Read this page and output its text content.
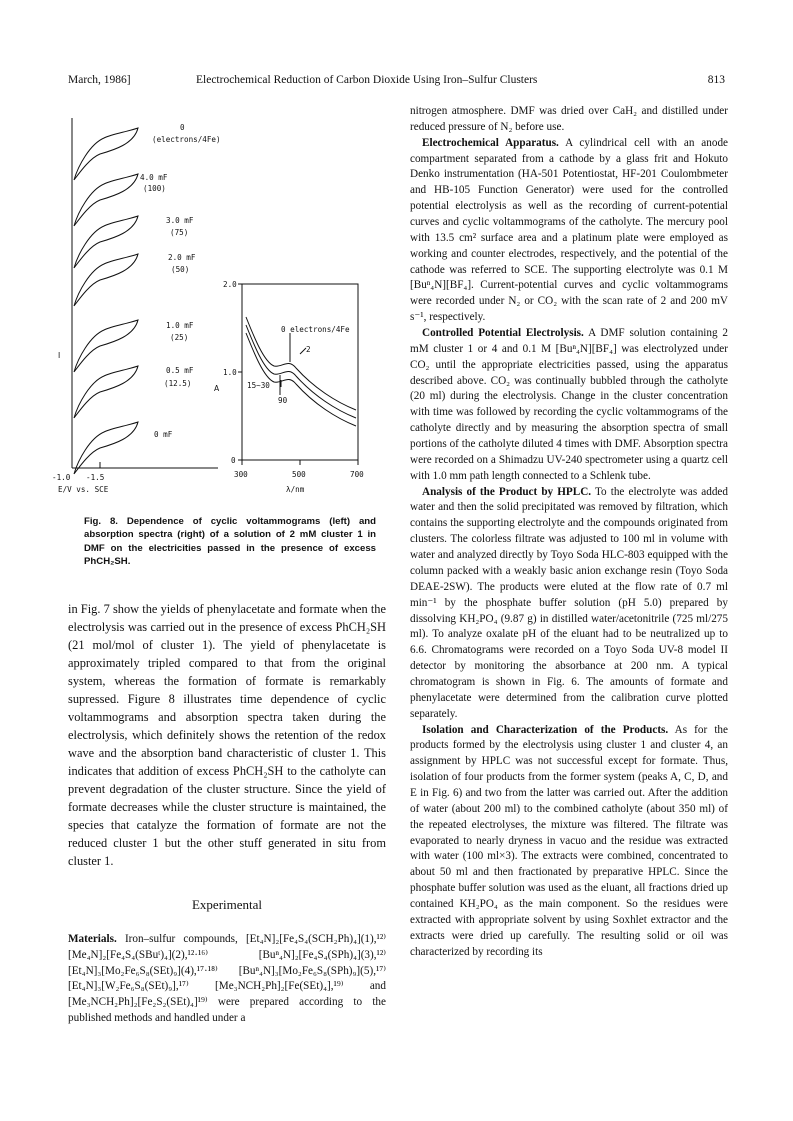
March, 1986]	Electrochemical Reduction of Carbon Dioxide Using Iron–Sulfur Clusters	813
I
-1.0 -1.5
E/V vs. SCE
0
(electrons/4Fe)
4.0 mF
(100)
3.0 mF
(75)
2.0 mF
(50)
1.0 mF
(25)
0.5 mF
(12.5)
0 mF
2.0
1.0
0
A
300	500	700
λ/nm
0 electrons/4Fe
2
15~30
90
Fig. 8. Dependence of cyclic voltammograms (left) and absorption spectra (right) of a solution of 2 mM cluster 1 in DMF on the electricities passed in the presence of excess PhCH₂SH.

in Fig. 7 show the yields of phenylacetate and formate when the electrolysis was carried out in the presence of excess PhCH₂SH (21 mol/mol of cluster 1). The yield of phenylacetate is approximately tripled compared to that from the original system, whereas the formation of formate is remarkably supressed. Figure 8 illustrates time dependence of cyclic voltammograms and absorption spectra taken during the electrolysis, which definitely shows the retention of the redox wave and the absorption band characteristic of cluster 1. This indicates that addition of excess PhCH₂SH to the catholyte can prevent degradation of the cluster structure. Since the yield of formate decreases while the cluster structure is maintained, the species that catalyze the formation of formate are not the reduced cluster 1 but the other stuff generated in situ from cluster 1.

Experimental

Materials. Iron–sulfur compounds, [Et₄N]₂[Fe₄S₄(SCH₂Ph)₄](1),¹²⁾ [Me₄N]₂[Fe₄S₄(SBuᵗ)₄](2),¹²·¹⁶⁾ [Buⁿ₄N]₂[Fe₄S₄(SPh)₄](3),¹²⁾ [Et₄N]₃[Mo₂Fe₆S₈(SEt)₉](4),¹⁷·¹⁸⁾ [Buⁿ₄N]₃[Mo₂Fe₆S₈(SPh)₉](5),¹⁷⁾ [Et₄N]₃[W₂Fe₆S₈(SEt)₉],¹⁷⁾ [Me₃NCH₂Ph]₂[Fe(SEt)₄],¹⁹⁾ and [Me₃NCH₂Ph]₂[Fe₂S₂(SEt)₄]¹⁹⁾ were prepared according to the published methods and handled under a

nitrogen atmosphere. DMF was dried over CaH₂ and distilled under reduced pressure of N₂ before use.

Electrochemical Apparatus. A cylindrical cell with an anode compartment separated from a cathode by a glass frit and Hokuto Denko instrumentation (HA-501 Potentiostat, HF-201 Coulombmeter and HB-105 Function Generator) were used for the controlled potential electrolysis as well as the recording of current-potential curves and cyclic voltammograms of the catholyte. The mercury pool with 13.5 cm² surface area and a platinum plate were employed as working and counter electrodes, respectively, and the potential of the cathode was referred to SCE. The supporting electrolyte was 0.1 M [Buⁿ₄N][BF₄]. Current-potential curves and cyclic voltammograms were recorded under N₂ or CO₂ with the scan rate of 2 and 200 mV s⁻¹, respectively.

Controlled Potential Electrolysis. A DMF solution containing 2 mM cluster 1 or 4 and 0.1 M [Buⁿ₄N][BF₄] was electrolyzed under CO₂ until the appropriate electricities passed, using the apparatus described above. CO₂ was continually bubbled through the catholyte (20 ml) during the electrolysis. Change in the cluster concentration with time was followed by recording the cyclic voltammograms of the catholyte directly and by measuring the absorption spectra of small portions of the catholyte diluted 4 times with DMF. Absorption spectra were recorded on a Shimadzu UV-240 spectrometer using a quartz cell with 1.0 mm path length connected to a Schlenk tube.

Analysis of the Product by HPLC. To the electrolyte was added water and then the solid precipitated was removed by filtration, which contains the supporting electrolyte and the compounds originated from clusters. The colorless filtrate was adjusted to 100 ml in volume with water and analyzed directly by Toyo Soda HLC-803 equipped with the column packed with a weakly basic anion exchange resin (Toyo Soda DEAE-2SW). The products were eluted at the flow rate of 0.7 ml min⁻¹ by the phosphate buffer solution (pH 5.0) prepared by dissolving KH₂PO₄ (9.87 g) in distilled water/acetonitrile (725 ml/275 ml). To analyze oxalate pH of the eluant had to be neutralized up to 6.6. Chromatograms were recorded on a Toyo Soda UV-8 model II detector by monitoring the absorbance at 200 nm. A typical chromatogram is shown in Fig. 6. The amounts of formate and phenylacetate were determined from the calibration curve plotted separately.

Isolation and Characterization of the Products. As for the products formed by the electrolysis using cluster 1 and cluster 4, an assignment by HPLC was not successful except for formate. Thus, isolation of four products from the former system (peaks A, C, D, and E in Fig. 6) and two from the latter was carried out. After the addition of water (about 200 ml) to the combined catholyte (about 350 ml) of the repeated electrolyses, the mixture was filtered. The filtrate was evaporated to nearly dryness in vacuo and the residue was extracted with water (100 ml×3). The extracts were combined, concentrated to about 50 ml and then fractionated by preparative HPLC. Since the phosphate buffer solution was used as the eluant, all fractions dried up contained KH₂PO₄ as the main component. So the residues were extracted with appropriate solvent by using Soxhlet extractor and the extracts were dried up carefully. The resulting solid or oil was characterized by recording its
